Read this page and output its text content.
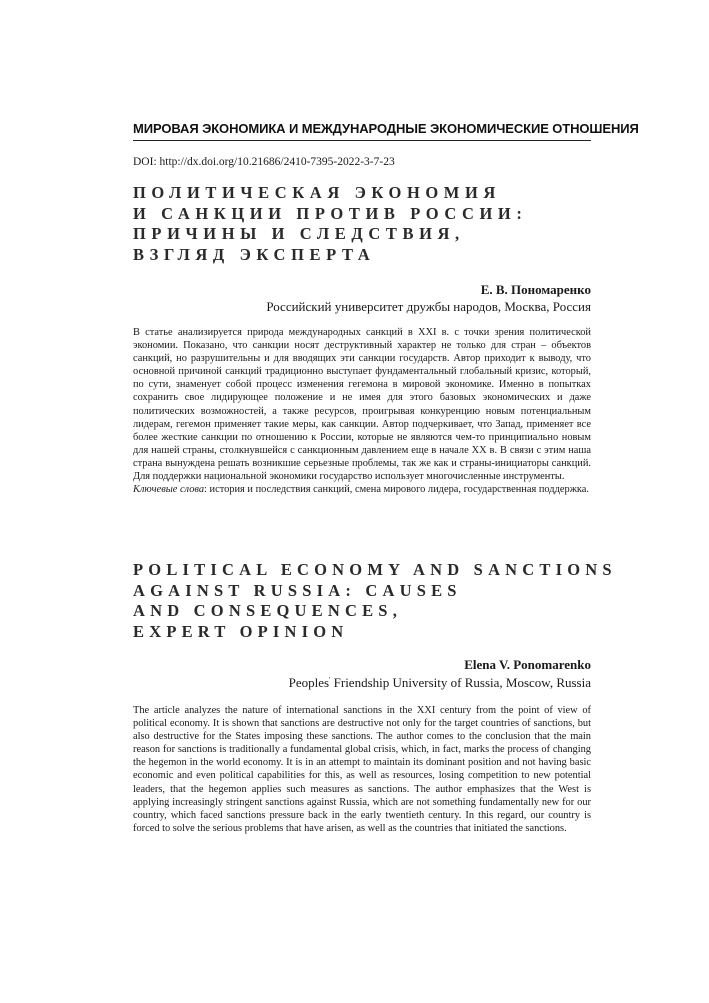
МИРОВАЯ ЭКОНОМИКА И МЕЖДУНАРОДНЫЕ ЭКОНОМИЧЕСКИЕ ОТНОШЕНИЯ
DOI: http://dx.doi.org/10.21686/2410-7395-2022-3-7-23
ПОЛИТИЧЕСКАЯ ЭКОНОМИЯ
И САНКЦИИ ПРОТИВ РОССИИ:
ПРИЧИНЫ И СЛЕДСТВИЯ,
ВЗГЛЯД ЭКСПЕРТА
Е. В. Пономаренко
Российский университет дружбы народов, Москва, Россия

В статье анализируется природа международных санкций в XXI в. с точки зрения политической экономии. Показано, что санкции носят деструктивный характер не только для стран – объектов санкций, но разрушительны и для вводящих эти санкции государств. Автор приходит к выводу, что основной причиной санкций традиционно выступает фундаментальный глобальный кризис, который, по сути, знаменует собой процесс изменения гегемона в мировой экономике. Именно в попытках сохранить свое лидирующее положение и не имея для этого базовых экономических и даже политических возможностей, а также ресурсов, проигрывая конкуренцию новым потенциальным лидерам, гегемон применяет такие меры, как санкции. Автор подчеркивает, что Запад, применяет все более жесткие санкции по отношению к России, которые не являются чем-то принципиально новым для нашей страны, столкнувшейся с санкционным давлением еще в начале XX в. В связи с этим наша страна вынуждена решать возникшие серьезные проблемы, так же как и страны-инициаторы санкций. Для поддержки национальной экономики государство использует многочисленные инструменты.

Ключевые слова: история и последствия санкций, смена мирового лидера, государственная поддержка.

POLITICAL ECONOMY AND SANCTIONS
AGAINST RUSSIA: CAUSES
AND CONSEQUENCES,
EXPERT OPINION
Elena V. Ponomarenko
Peoples' Friendship University of Russia, Moscow, Russia

The article analyzes the nature of international sanctions in the XXI century from the point of view of political economy. It is shown that sanctions are destructive not only for the target countries of sanctions, but also destructive for the States imposing these sanctions. The author comes to the conclusion that the main reason for sanctions is traditionally a fundamental global crisis, which, in fact, marks the process of changing the hegemon in the world economy. It is in an attempt to maintain its dominant position and not having basic economic and even political capabilities for this, as well as resources, losing competition to new potential leaders, that the hegemon applies such measures as sanctions. The author emphasizes that the West is applying increasingly stringent sanctions against Russia, which are not something fundamentally new for our country, which faced sanctions pressure back in the early twentieth century. In this regard, our country is forced to solve the serious problems that have arisen, as well as the countries that initiated the sanctions.
